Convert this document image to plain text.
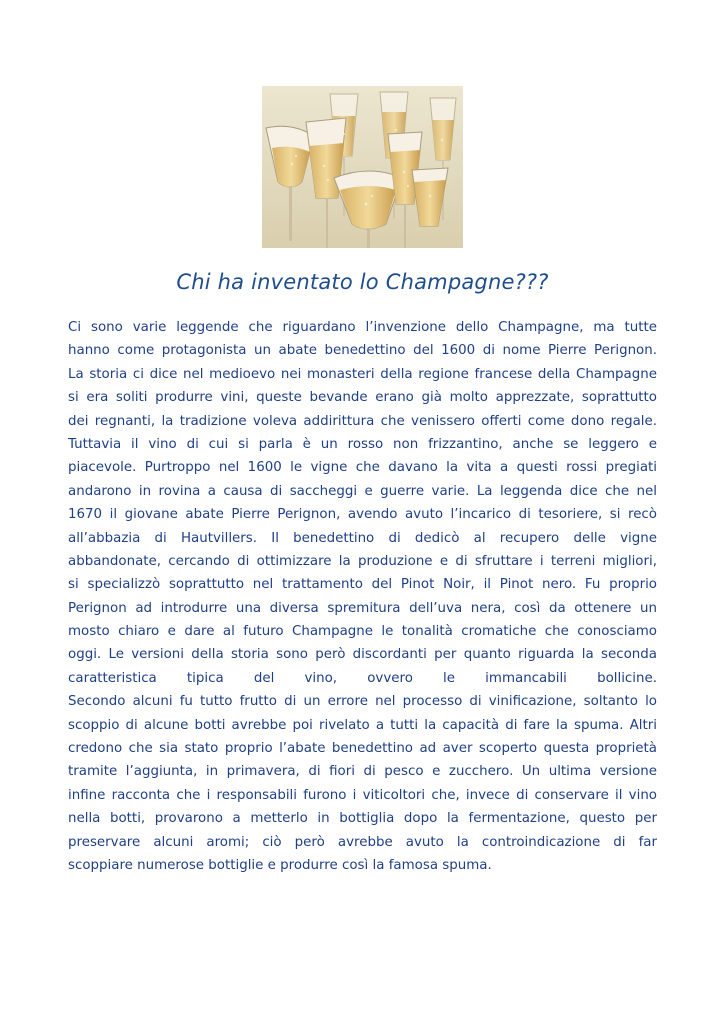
Chi ha inventato lo Champagne???
Ci sono varie leggende che riguardano l’invenzione dello Champagne, ma tutte
hanno come protagonista un abate benedettino del 1600 di nome Pierre Perignon.
La storia ci dice nel medioevo nei monasteri della regione francese della Champagne
si era soliti produrre vini, queste bevande erano già molto apprezzate, soprattutto
dei regnanti, la tradizione voleva addirittura che venissero offerti come dono regale.
Tuttavia il vino di cui si parla è un rosso non frizzantino, anche se leggero e
piacevole. Purtroppo nel 1600 le vigne che davano la vita a questi rossi pregiati
andarono in rovina a causa di saccheggi e guerre varie. La leggenda dice che nel
1670 il giovane abate Pierre Perignon, avendo avuto l’incarico di tesoriere, si recò
all’abbazia di Hautvillers. Il benedettino di dedicò al recupero delle vigne
abbandonate, cercando di ottimizzare la produzione e di sfruttare i terreni migliori,
si specializzò soprattutto nel trattamento del Pinot Noir, il Pinot nero. Fu proprio
Perignon ad introdurre una diversa spremitura dell’uva nera, così da ottenere un
mosto chiaro e dare al futuro Champagne le tonalità cromatiche che conosciamo
oggi. Le versioni della storia sono però discordanti per quanto riguarda la seconda
caratteristica tipica del vino, ovvero le immancabili bollicine.
Secondo alcuni fu tutto frutto di un errore nel processo di vinificazione, soltanto lo
scoppio di alcune botti avrebbe poi rivelato a tutti la capacità di fare la spuma. Altri
credono che sia stato proprio l’abate benedettino ad aver scoperto questa proprietà
tramite l’aggiunta, in primavera, di fiori di pesco e zucchero. Un ultima versione
infine racconta che i responsabili furono i viticoltori che, invece di conservare il vino
nella botti, provarono a metterlo in bottiglia dopo la fermentazione, questo per
preservare alcuni aromi; ciò però avrebbe avuto la controindicazione di far
scoppiare numerose bottiglie e produrre così la famosa spuma.
